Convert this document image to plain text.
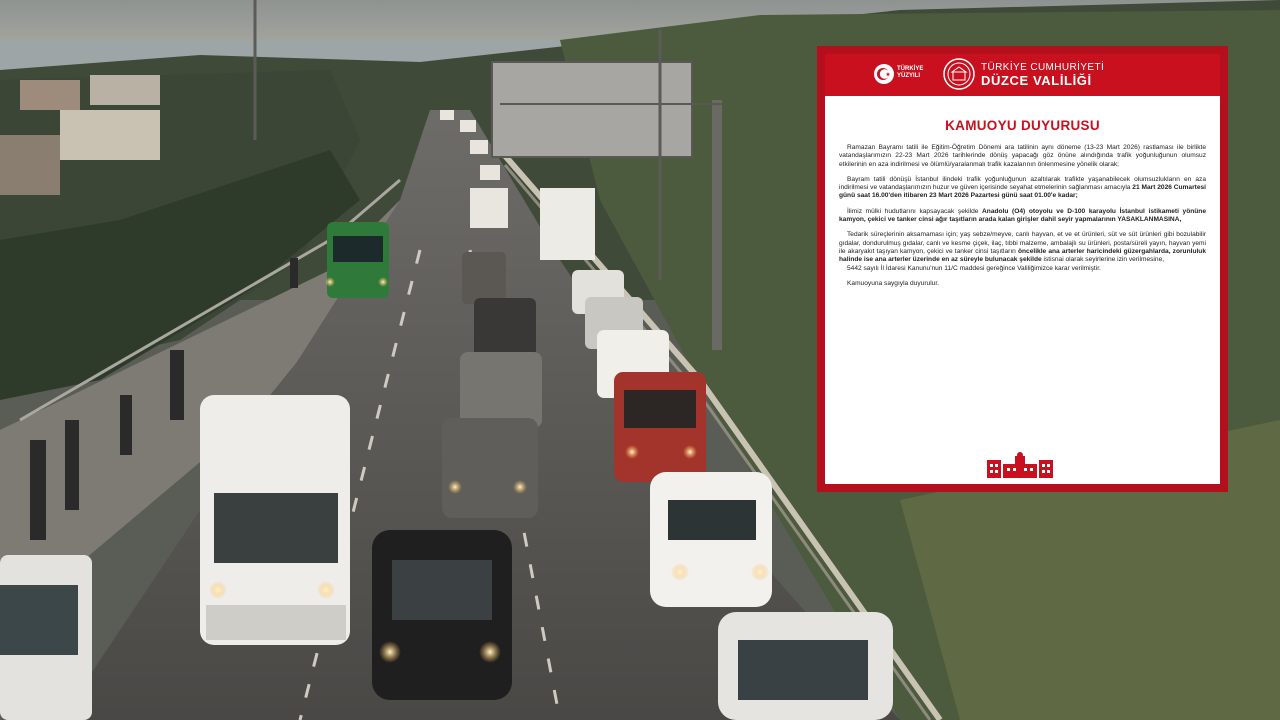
TÜRKİYE YÜZYILI
TÜRKİYE CUMHURİYETİ
DÜZCE VALİLİĞİ
KAMUOYU DUYURUSU

Ramazan Bayramı tatili ile Eğitim-Öğretim Dönemi ara tatilinin aynı döneme (13-23 Mart 2026) rastlaması ile birlikte vatandaşlarımızın 22-23 Mart 2026 tarihlerinde dönüş yapacağı göz önüne alındığında trafik yoğunluğunun olumsuz etkilerinin en aza indirilmesi ve ölümlü/yaralanmalı trafik kazalarının önlenmesine yönelik olarak;

Bayram tatili dönüşü İstanbul ilindeki trafik yoğunluğunun azaltılarak trafikte yaşanabilecek olumsuzlukların en aza indirilmesi ve vatandaşlarımızın huzur ve güven içerisinde seyahat etmelerinin sağlanması amacıyla 21 Mart 2026 Cumartesi günü saat 16.00'den itibaren 23 Mart 2026 Pazartesi günü saat 01.00'e kadar;

İlimiz mülki hudutlarını kapsayacak şekilde Anadolu (O4) otoyolu ve D-100 karayolu İstanbul istikameti yönüne kamyon, çekici ve tanker cinsi ağır taşıtların arada kalan girişler dahil seyir yapmalarının YASAKLANMASINA,

Tedarik süreçlerinin aksamaması için; yaş sebze/meyve, canlı hayvan, et ve et ürünleri, süt ve süt ürünleri gibi bozulabilir gıdalar, dondurulmuş gıdalar, canlı ve kesme çiçek, ilaç, tıbbi malzeme, ambalajlı su ürünleri, posta/süreli yayın, hayvan yemi ile akaryakıt taşıyan kamyon, çekici ve tanker cinsi taşıtların öncelikle ana arterler haricindeki güzergahlarda, zorunluluk halinde ise ana arterler üzerinde en az süreyle bulunacak şekilde istisnai olarak seyirlerine izin verilmesine,

5442 sayılı İl İdaresi Kanunu'nun 11/C maddesi gereğince Valiliğimizce karar verilmiştir.

Kamuoyuna saygıyla duyurulur.
